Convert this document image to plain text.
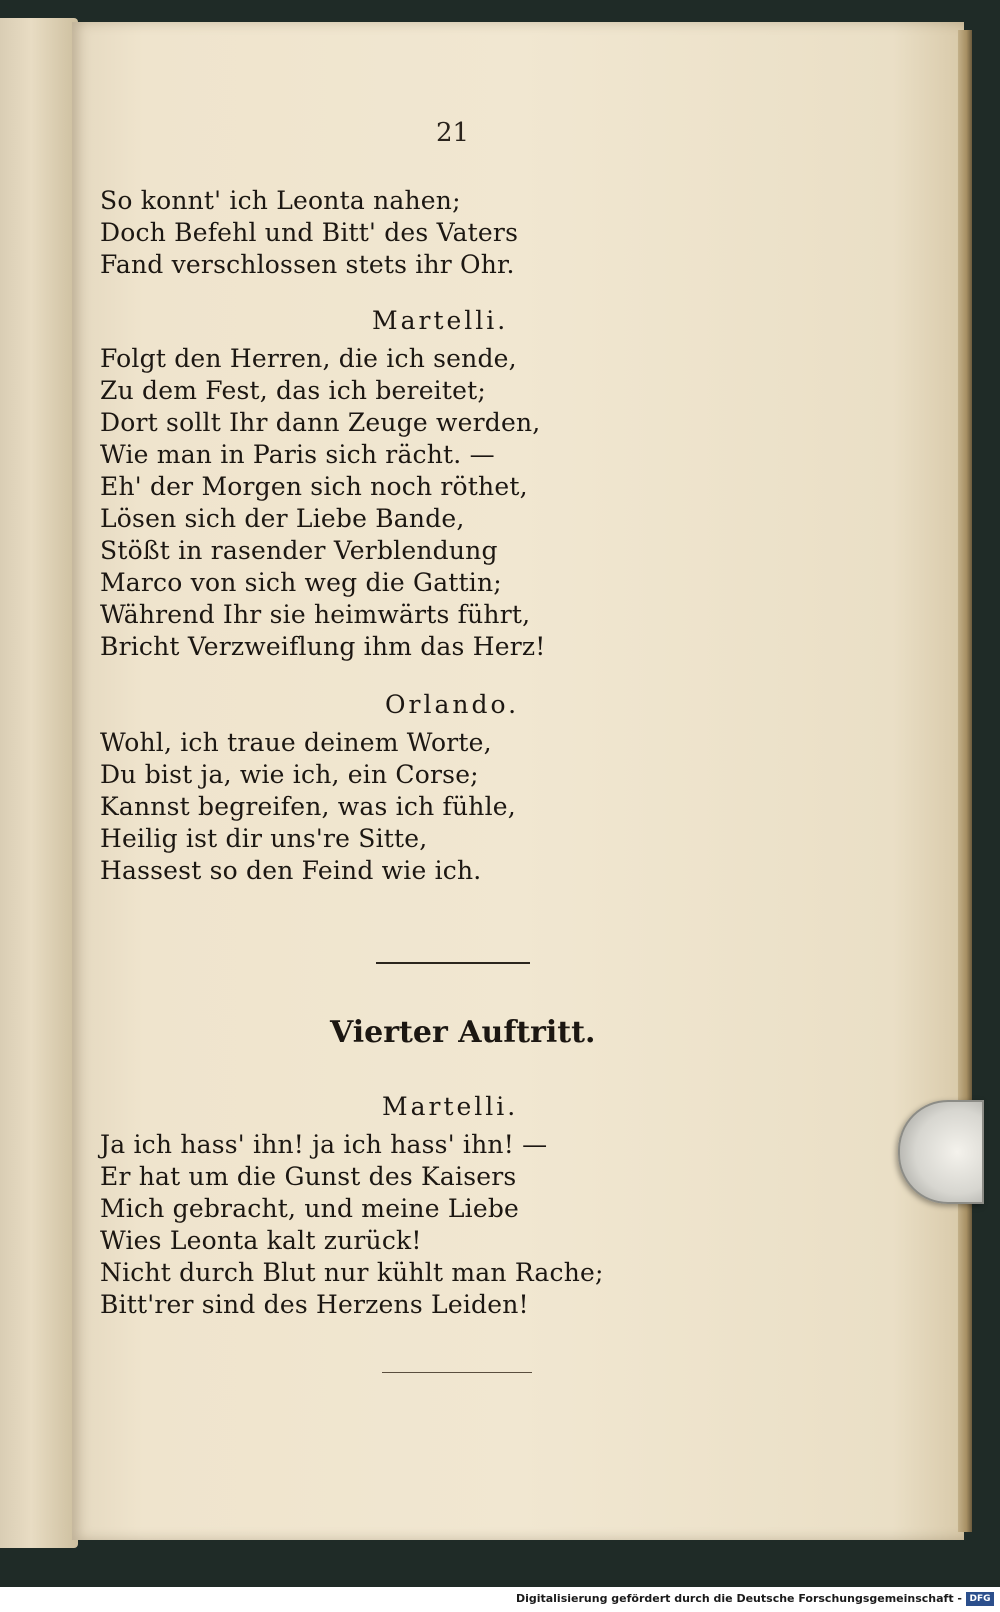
21
So konnt' ich Leonta nahen;
Doch Befehl und Bitt' des Vaters
Fand verschlossen stets ihr Ohr.
Martelli.
Folgt den Herren, die ich sende,
Zu dem Fest, das ich bereitet;
Dort sollt Ihr dann Zeuge werden,
Wie man in Paris sich rächt. —
Eh' der Morgen sich noch röthet,
Lösen sich der Liebe Bande,
Stößt in rasender Verblendung
Marco von sich weg die Gattin;
Während Ihr sie heimwärts führt,
Bricht Verzweiflung ihm das Herz!
Orlando.
Wohl, ich traue deinem Worte,
Du bist ja, wie ich, ein Corse;
Kannst begreifen, was ich fühle,
Heilig ist dir uns're Sitte,
Hassest so den Feind wie ich.
Vierter Auftritt.
Martelli.
Ja ich hass' ihn! ja ich hass' ihn! —
Er hat um die Gunst des Kaisers
Mich gebracht, und meine Liebe
Wies Leonta kalt zurück!
Nicht durch Blut nur kühlt man Rache;
Bitt'rer sind des Herzens Leiden!
Digitalisierung gefördert durch die Deutsche Forschungsgemeinschaft - DFG
